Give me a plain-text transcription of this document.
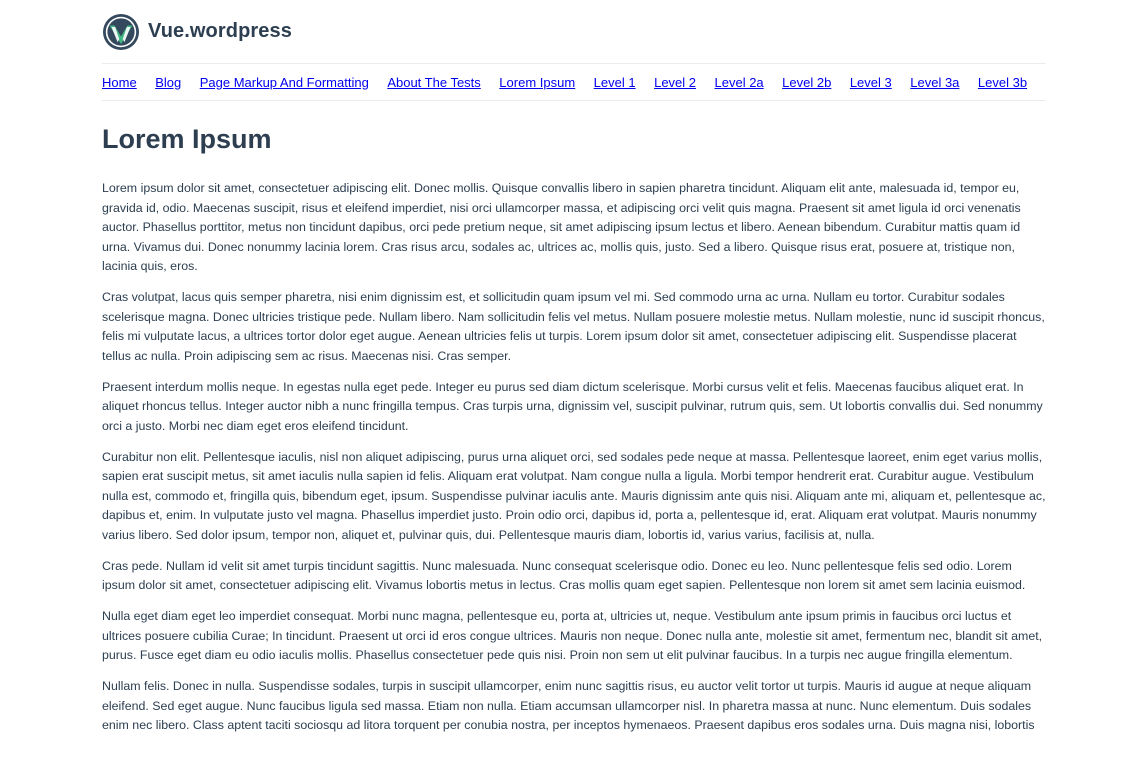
Vue.wordpress
Home Blog Page Markup And Formatting About The Tests Lorem Ipsum Level 1 Level 2 Level 2a Level 2b Level 3 Level 3a Level 3b
Lorem Ipsum

Lorem ipsum dolor sit amet, consectetuer adipiscing elit. Donec mollis. Quisque convallis libero in sapien pharetra tincidunt. Aliquam elit ante, malesuada id, tempor eu, gravida id, odio. Maecenas suscipit, risus et eleifend imperdiet, nisi orci ullamcorper massa, et adipiscing orci velit quis magna. Praesent sit amet ligula id orci venenatis auctor. Phasellus porttitor, metus non tincidunt dapibus, orci pede pretium neque, sit amet adipiscing ipsum lectus et libero. Aenean bibendum. Curabitur mattis quam id urna. Vivamus dui. Donec nonummy lacinia lorem. Cras risus arcu, sodales ac, ultrices ac, mollis quis, justo. Sed a libero. Quisque risus erat, posuere at, tristique non, lacinia quis, eros.

Cras volutpat, lacus quis semper pharetra, nisi enim dignissim est, et sollicitudin quam ipsum vel mi. Sed commodo urna ac urna. Nullam eu tortor. Curabitur sodales scelerisque magna. Donec ultricies tristique pede. Nullam libero. Nam sollicitudin felis vel metus. Nullam posuere molestie metus. Nullam molestie, nunc id suscipit rhoncus, felis mi vulputate lacus, a ultrices tortor dolor eget augue. Aenean ultricies felis ut turpis. Lorem ipsum dolor sit amet, consectetuer adipiscing elit. Suspendisse placerat tellus ac nulla. Proin adipiscing sem ac risus. Maecenas nisi. Cras semper.

Praesent interdum mollis neque. In egestas nulla eget pede. Integer eu purus sed diam dictum scelerisque. Morbi cursus velit et felis. Maecenas faucibus aliquet erat. In aliquet rhoncus tellus. Integer auctor nibh a nunc fringilla tempus. Cras turpis urna, dignissim vel, suscipit pulvinar, rutrum quis, sem. Ut lobortis convallis dui. Sed nonummy orci a justo. Morbi nec diam eget eros eleifend tincidunt.

Curabitur non elit. Pellentesque iaculis, nisl non aliquet adipiscing, purus urna aliquet orci, sed sodales pede neque at massa. Pellentesque laoreet, enim eget varius mollis, sapien erat suscipit metus, sit amet iaculis nulla sapien id felis. Aliquam erat volutpat. Nam congue nulla a ligula. Morbi tempor hendrerit erat. Curabitur augue. Vestibulum nulla est, commodo et, fringilla quis, bibendum eget, ipsum. Suspendisse pulvinar iaculis ante. Mauris dignissim ante quis nisi. Aliquam ante mi, aliquam et, pellentesque ac, dapibus et, enim. In vulputate justo vel magna. Phasellus imperdiet justo. Proin odio orci, dapibus id, porta a, pellentesque id, erat. Aliquam erat volutpat. Mauris nonummy varius libero. Sed dolor ipsum, tempor non, aliquet et, pulvinar quis, dui. Pellentesque mauris diam, lobortis id, varius varius, facilisis at, nulla.

Cras pede. Nullam id velit sit amet turpis tincidunt sagittis. Nunc malesuada. Nunc consequat scelerisque odio. Donec eu leo. Nunc pellentesque felis sed odio. Lorem ipsum dolor sit amet, consectetuer adipiscing elit. Vivamus lobortis metus in lectus. Cras mollis quam eget sapien. Pellentesque non lorem sit amet sem lacinia euismod.

Nulla eget diam eget leo imperdiet consequat. Morbi nunc magna, pellentesque eu, porta at, ultricies ut, neque. Vestibulum ante ipsum primis in faucibus orci luctus et ultrices posuere cubilia Curae; In tincidunt. Praesent ut orci id eros congue ultrices. Mauris non neque. Donec nulla ante, molestie sit amet, fermentum nec, blandit sit amet, purus. Fusce eget diam eu odio iaculis mollis. Phasellus consectetuer pede quis nisi. Proin non sem ut elit pulvinar faucibus. In a turpis nec augue fringilla elementum.

Nullam felis. Donec in nulla. Suspendisse sodales, turpis in suscipit ullamcorper, enim nunc sagittis risus, eu auctor velit tortor ut turpis. Mauris id augue at neque aliquam eleifend. Sed eget augue. Nunc faucibus ligula sed massa. Etiam non nulla. Etiam accumsan ullamcorper nisl. In pharetra massa at nunc. Nunc elementum. Duis sodales enim nec libero. Class aptent taciti sociosqu ad litora torquent per conubia nostra, per inceptos hymenaeos. Praesent dapibus eros sodales urna. Duis magna nisi, lobortis
